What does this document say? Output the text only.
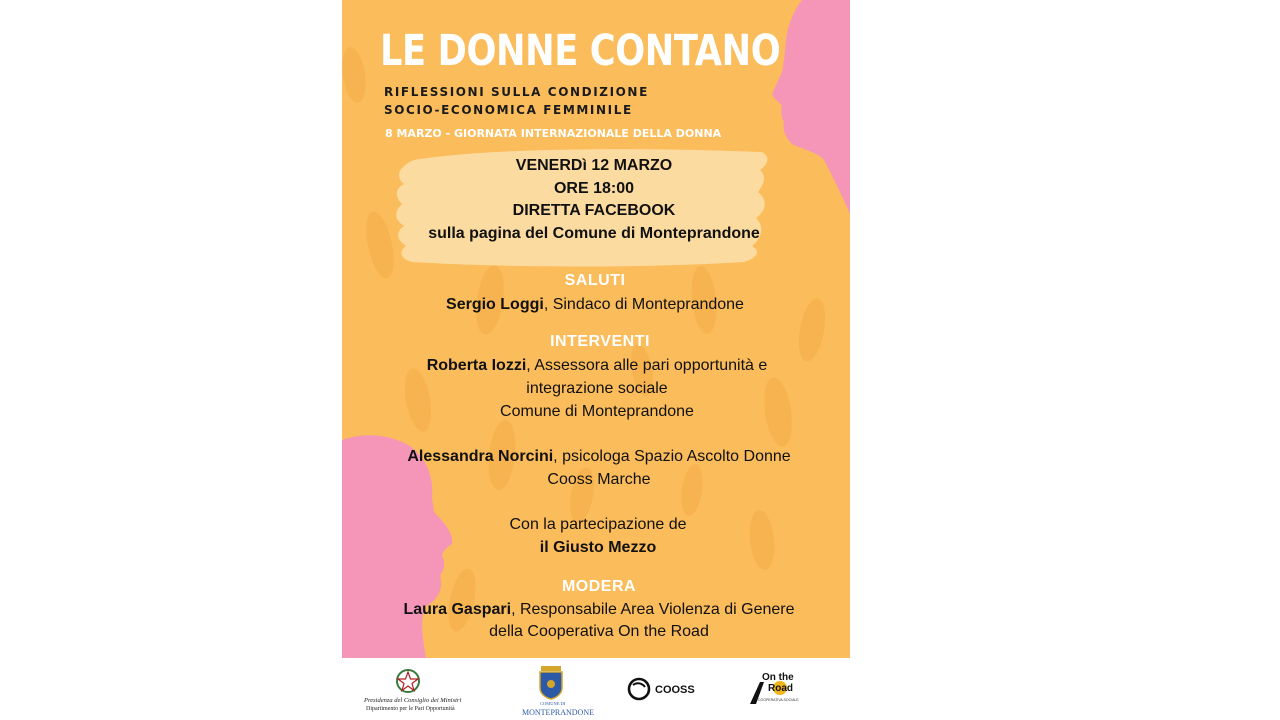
LE DONNE CONTANO

RIFLESSIONI SULLA CONDIZIONE

SOCIO-ECONOMICA FEMMINILE

8 MARZO - GIORNATA INTERNAZIONALE DELLA DONNA

VENERDì 12 MARZO

ORE 18:00

DIRETTA FACEBOOK

sulla pagina del Comune di Monteprandone

SALUTI

Sergio Loggi, Sindaco di Monteprandone

INTERVENTI

Roberta Iozzi, Assessora alle pari opportunità e

integrazione sociale

Comune di Monteprandone

Alessandra Norcini, psicologa Spazio Ascolto Donne

Cooss Marche

Con la partecipazione de

il Giusto Mezzo

MODERA

Laura Gaspari, Responsabile Area Violenza di Genere

della Cooperativa On the Road

Presidenza del Consiglio dei Ministri
Dipartimento per le Pari Opportunità
COMUNE DI
MONTEPRANDONE
COOSS
On the
Road
COOPERATIVA SOCIALE
